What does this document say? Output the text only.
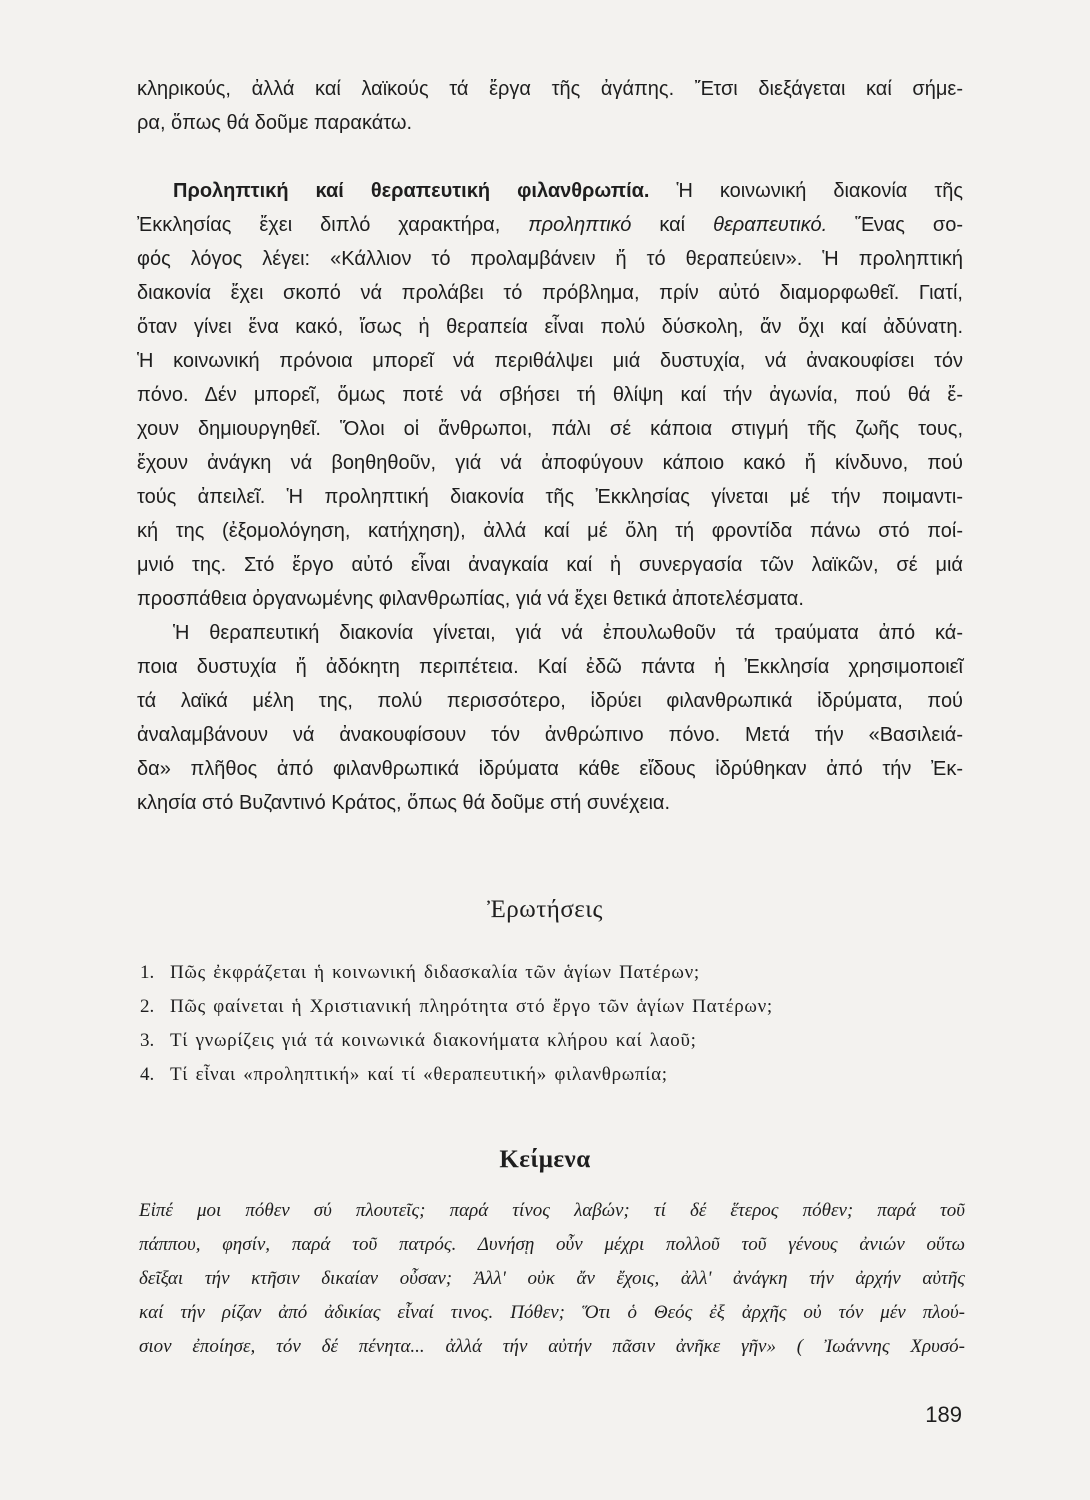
κληρικούς, ἀλλά καί λαϊκούς τά ἔργα τῆς ἀγάπης. Ἔτσι διεξάγεται καί σήμε-
ρα, ὅπως θά δοῦμε παρακάτω.
Προληπτική καί θεραπευτική φιλανθρωπία. Ἡ κοινωνική διακονία τῆς
Ἐκκλησίας ἔχει διπλό χαρακτήρα, προληπτικό καί θεραπευτικό. Ἕνας σο-
φός λόγος λέγει: «Κάλλιον τό προλαμβάνειν ἤ τό θεραπεύειν». Ἡ προληπτική
διακονία ἔχει σκοπό νά προλάβει τό πρόβλημα, πρίν αὐτό διαμορφωθεῖ. Γιατί,
ὅταν γίνει ἕνα κακό, ἴσως ἡ θεραπεία εἶναι πολύ δύσκολη, ἄν ὄχι καί ἀδύνατη.
Ἡ κοινωνική πρόνοια μπορεῖ νά περιθάλψει μιά δυστυχία, νά ἀνακουφίσει τόν
πόνο. Δέν μπορεῖ, ὅμως ποτέ νά σβήσει τή θλίψη καί τήν ἀγωνία, πού θά ἔ-
χουν δημιουργηθεῖ. Ὅλοι οἱ ἄνθρωποι, πάλι σέ κάποια στιγμή τῆς ζωῆς τους,
ἔχουν ἀνάγκη νά βοηθηθοῦν, γιά νά ἀποφύγουν κάποιο κακό ἤ κίνδυνο, πού
τούς ἀπειλεῖ. Ἡ προληπτική διακονία τῆς Ἐκκλησίας γίνεται μέ τήν ποιμαντι-
κή της (ἐξομολόγηση, κατήχηση), ἀλλά καί μέ ὅλη τή φροντίδα πάνω στό ποί-
μνιό της. Στό ἔργο αὐτό εἶναι ἀναγκαία καί ἡ συνεργασία τῶν λαϊκῶν, σέ μιά
προσπάθεια ὀργανωμένης φιλανθρωπίας, γιά νά ἔχει θετικά ἀποτελέσματα.
Ἡ θεραπευτική διακονία γίνεται, γιά νά ἐπουλωθοῦν τά τραύματα ἀπό κά-
ποια δυστυχία ἤ ἀδόκητη περιπέτεια. Καί ἐδῶ πάντα ἡ Ἐκκλησία χρησιμοποιεῖ
τά λαϊκά μέλη της, πολύ περισσότερο, ἱδρύει φιλανθρωπικά ἱδρύματα, πού
ἀναλαμβάνουν νά ἀνακουφίσουν τόν ἀνθρώπινο πόνο. Μετά τήν «Βασιλειά-
δα» πλῆθος ἀπό φιλανθρωπικά ἱδρύματα κάθε εἴδους ἱδρύθηκαν ἀπό τήν Ἐκ-
κλησία στό Βυζαντινό Κράτος, ὅπως θά δοῦμε στή συνέχεια.
Ἐρωτήσεις
1. Πῶς ἐκφράζεται ἡ κοινωνική διδασκαλία τῶν ἁγίων Πατέρων;
2. Πῶς φαίνεται ἡ Χριστιανική πληρότητα στό ἔργο τῶν ἁγίων Πατέρων;
3. Τί γνωρίζεις γιά τά κοινωνικά διακονήματα κλήρου καί λαοῦ;
4. Τί εἶναι «προληπτική» καί τί «θεραπευτική» φιλανθρωπία;
Κείμενα
Εἰπέ μοι πόθεν σύ πλουτεῖς; παρά τίνος λαβών; τί δέ ἕτερος πόθεν; παρά τοῦ
πάππου, φησίν, παρά τοῦ πατρός. Δυνήσῃ οὖν μέχρι πολλοῦ τοῦ γένους ἀνιών οὕτω
δεῖξαι τήν κτῆσιν δικαίαν οὖσαν; Ἀλλ' οὐκ ἄν ἔχοις, ἀλλ' ἀνάγκη τήν ἀρχήν αὐτῆς
καί τήν ρίζαν ἀπό ἀδικίας εἶναί τινος. Πόθεν; Ὅτι ὁ Θεός ἐξ ἀρχῆς οὐ τόν μέν πλού-
σιον ἐποίησε, τόν δέ πένητα... ἀλλά τήν αὐτήν πᾶσιν ἀνῆκε γῆν» ( Ἰωάννης Χρυσό-
189
